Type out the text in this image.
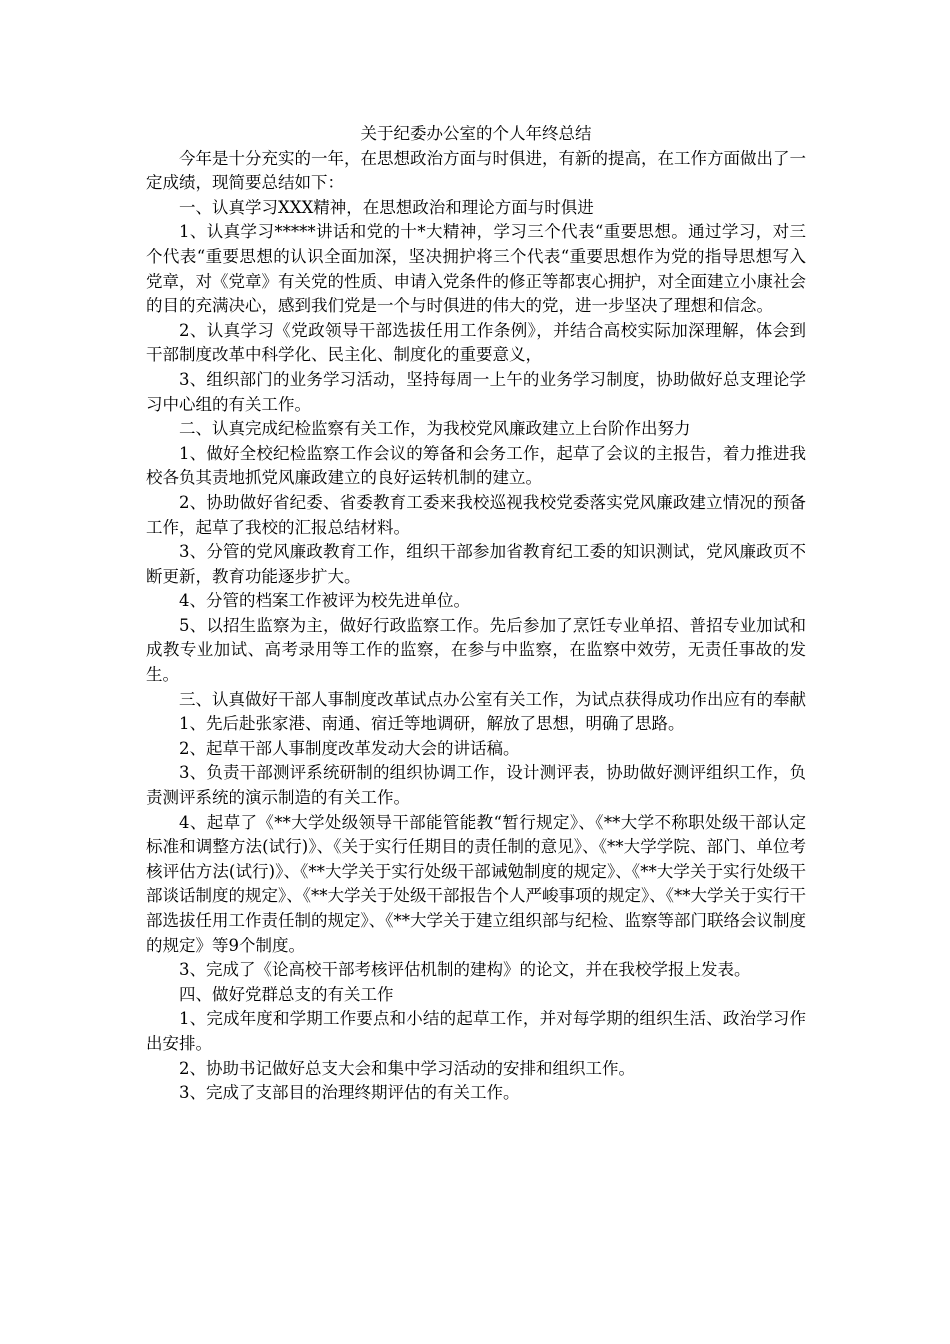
关于纪委办公室的个人年终总结

今年是十分充实的一年，在思想政治方面与时俱进，有新的提高，在工作方面做出了一定成绩，现简要总结如下：

一、认真学习XXX精神，在思想政治和理论方面与时俱进

1、认真学习*****讲话和党的十*大精神，学习三个代表“重要思想。通过学习，对三个代表“重要思想的认识全面加深，坚决拥护将三个代表“重要思想作为党的指导思想写入党章，对《党章》有关党的性质、申请入党条件的修正等都衷心拥护，对全面建立小康社会的目的充满决心，感到我们党是一个与时俱进的伟大的党，进一步坚决了理想和信念。

2、认真学习《党政领导干部选拔任用工作条例》，并结合高校实际加深理解，体会到干部制度改革中科学化、民主化、制度化的重要意义，

3、组织部门的业务学习活动，坚持每周一上午的业务学习制度，协助做好总支理论学习中心组的有关工作。

二、认真完成纪检监察有关工作，为我校党风廉政建立上台阶作出努力

1、做好全校纪检监察工作会议的筹备和会务工作，起草了会议的主报告，着力推进我校各负其责地抓党风廉政建立的良好运转机制的建立。

2、协助做好省纪委、省委教育工委来我校巡视我校党委落实党风廉政建立情况的预备工作，起草了我校的汇报总结材料。

3、分管的党风廉政教育工作，组织干部参加省教育纪工委的知识测试，党风廉政页不断更新，教育功能逐步扩大。

4、分管的档案工作被评为校先进单位。

5、以招生监察为主，做好行政监察工作。先后参加了烹饪专业单招、普招专业加试和成教专业加试、高考录用等工作的监察，在参与中监察，在监察中效劳，无责任事故的发生。

三、认真做好干部人事制度改革试点办公室有关工作，为试点获得成功作出应有的奉献

1、先后赴张家港、南通、宿迁等地调研，解放了思想，明确了思路。

2、起草干部人事制度改革发动大会的讲话稿。

3、负责干部测评系统研制的组织协调工作，设计测评表，协助做好测评组织工作，负责测评系统的演示制造的有关工作。

4、起草了《**大学处级领导干部能管能教“暂行规定》、《**大学不称职处级干部认定标准和调整方法(试行)》、《关于实行任期目的责任制的意见》、《**大学学院、部门、单位考核评估方法(试行)》、《**大学关于实行处级干部诫勉制度的规定》、《**大学关于实行处级干部谈话制度的规定》、《**大学关于处级干部报告个人严峻事项的规定》、《**大学关于实行干部选拔任用工作责任制的规定》、《**大学关于建立组织部与纪检、监察等部门联络会议制度的规定》等9个制度。

3、完成了《论高校干部考核评估机制的建构》的论文，并在我校学报上发表。

四、做好党群总支的有关工作

1、完成年度和学期工作要点和小结的起草工作，并对每学期的组织生活、政治学习作出安排。

2、协助书记做好总支大会和集中学习活动的安排和组织工作。

3、完成了支部目的治理终期评估的有关工作。
